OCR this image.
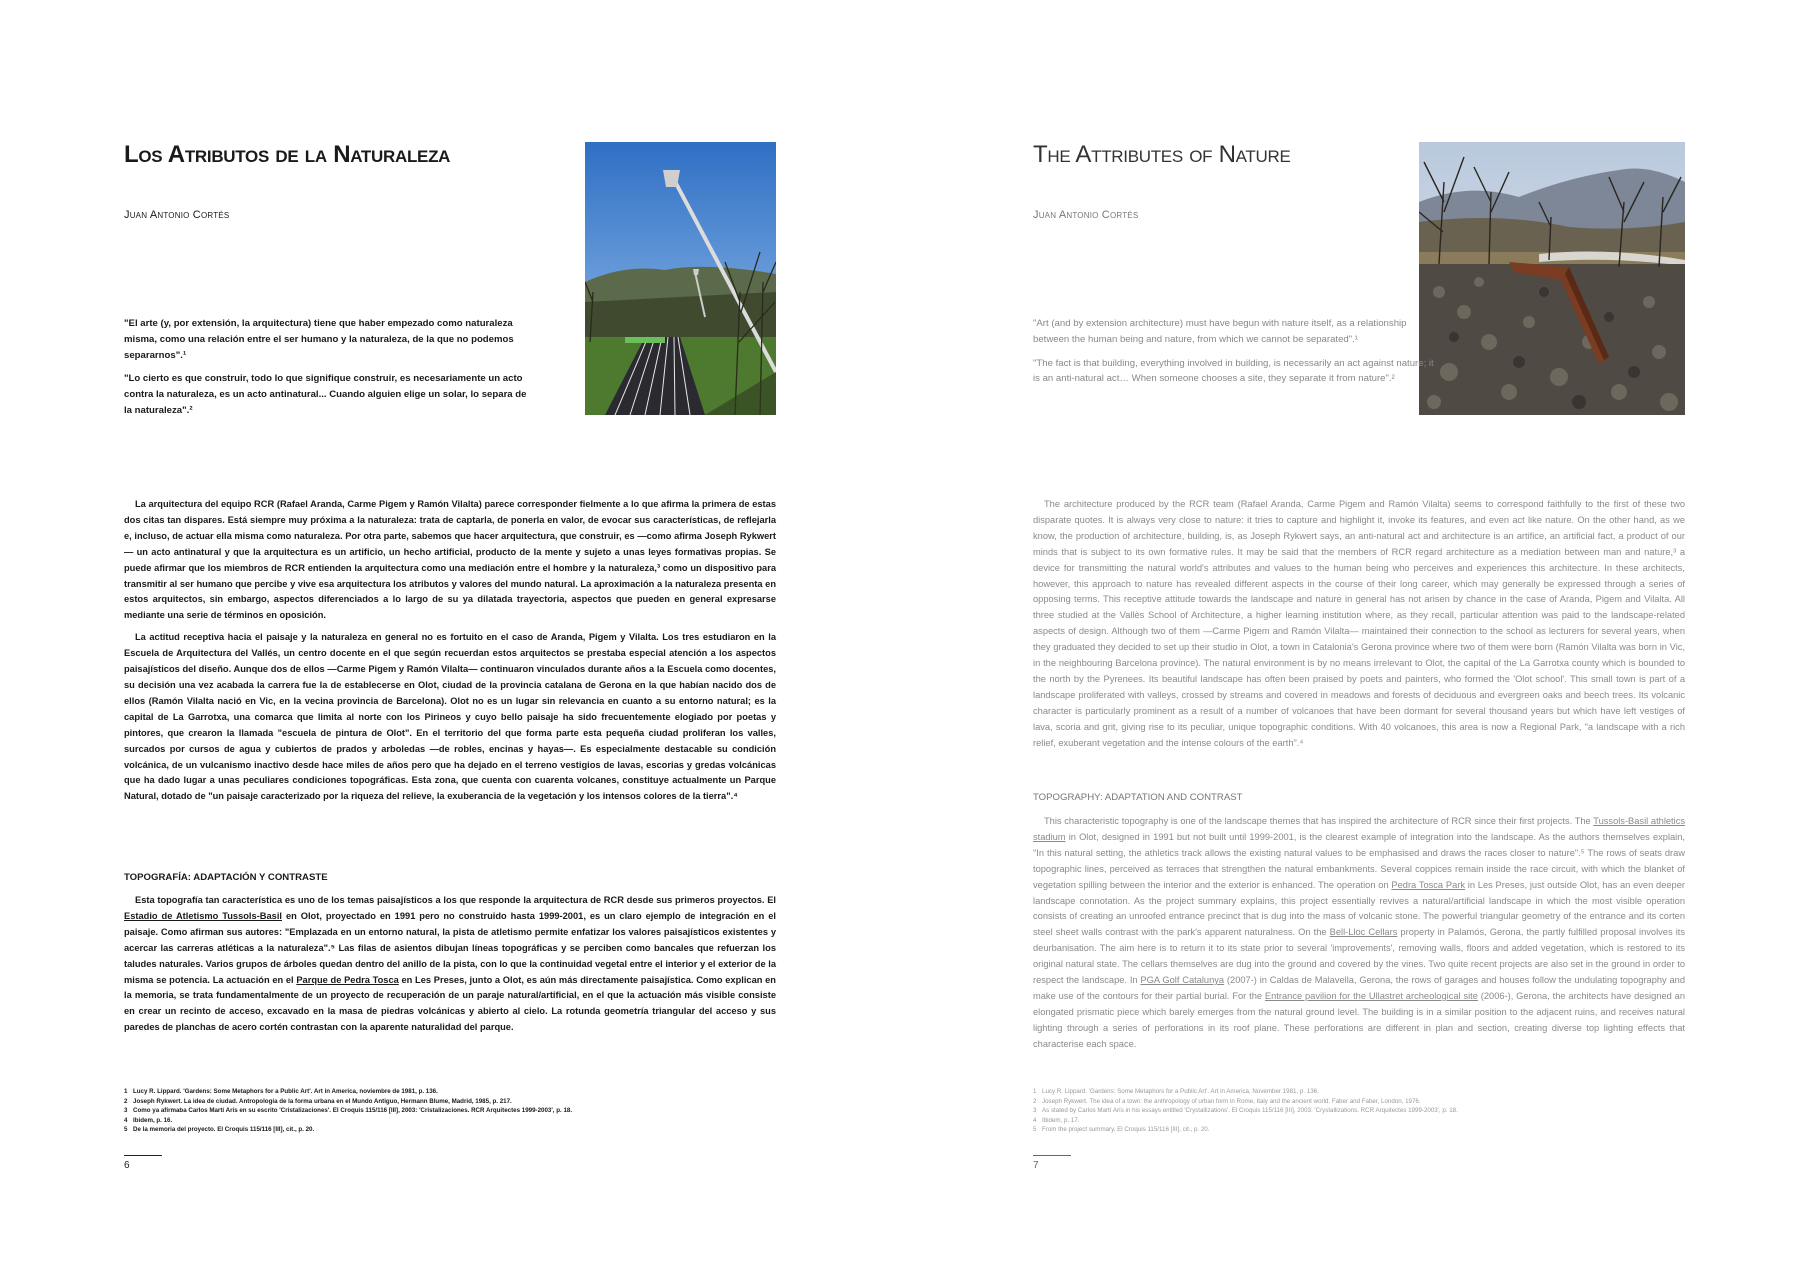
Los Atributos de la Naturaleza
Juan Antonio Cortés

"El arte (y, por extensión, la arquitectura) tiene que haber empezado como naturaleza misma, como una relación entre el ser humano y la naturaleza, de la que no podemos separarnos".¹

"Lo cierto es que construir, todo lo que signifique construir, es necesariamente un acto contra la naturaleza, es un acto antinatural... Cuando alguien elige un solar, lo separa de la naturaleza".²

La arquitectura del equipo RCR (Rafael Aranda, Carme Pigem y Ramón Vilalta) parece corresponder fielmente a lo que afirma la primera de estas dos citas tan dispares. Está siempre muy próxima a la naturaleza: trata de captarla, de ponerla en valor, de evocar sus características, de reflejarla e, incluso, de actuar ella misma como naturaleza. Por otra parte, sabemos que hacer arquitectura, que construir, es —como afirma Joseph Rykwert— un acto antinatural y que la arquitectura es un artificio, un hecho artificial, producto de la mente y sujeto a unas leyes formativas propias. Se puede afirmar que los miembros de RCR entienden la arquitectura como una mediación entre el hombre y la naturaleza,³ como un dispositivo para transmitir al ser humano que percibe y vive esa arquitectura los atributos y valores del mundo natural. La aproximación a la naturaleza presenta en estos arquitectos, sin embargo, aspectos diferenciados a lo largo de su ya dilatada trayectoria, aspectos que pueden en general expresarse mediante una serie de términos en oposición.

La actitud receptiva hacia el paisaje y la naturaleza en general no es fortuito en el caso de Aranda, Pigem y Vilalta. Los tres estudiaron en la Escuela de Arquitectura del Vallés, un centro docente en el que según recuerdan estos arquitectos se prestaba especial atención a los aspectos paisajísticos del diseño. Aunque dos de ellos —Carme Pigem y Ramón Vilalta— continuaron vinculados durante años a la Escuela como docentes, su decisión una vez acabada la carrera fue la de establecerse en Olot, ciudad de la provincia catalana de Gerona en la que habían nacido dos de ellos (Ramón Vilalta nació en Vic, en la vecina provincia de Barcelona). Olot no es un lugar sin relevancia en cuanto a su entorno natural; es la capital de La Garrotxa, una comarca que limita al norte con los Pirineos y cuyo bello paisaje ha sido frecuentemente elogiado por poetas y pintores, que crearon la llamada "escuela de pintura de Olot". En el territorio del que forma parte esta pequeña ciudad proliferan los valles, surcados por cursos de agua y cubiertos de prados y arboledas —de robles, encinas y hayas—. Es especialmente destacable su condición volcánica, de un vulcanismo inactivo desde hace miles de años pero que ha dejado en el terreno vestigios de lavas, escorias y gredas volcánicas que ha dado lugar a unas peculiares condiciones topográficas. Esta zona, que cuenta con cuarenta volcanes, constituye actualmente un Parque Natural, dotado de "un paisaje caracterizado por la riqueza del relieve, la exuberancia de la vegetación y los intensos colores de la tierra".⁴

TOPOGRAFÍA: ADAPTACIÓN Y CONTRASTE

Esta topografía tan característica es uno de los temas paisajísticos a los que responde la arquitectura de RCR desde sus primeros proyectos. El Estadio de Atletismo Tussols-Basil en Olot, proyectado en 1991 pero no construido hasta 1999-2001, es un claro ejemplo de integración en el paisaje. Como afirman sus autores: "Emplazada en un entorno natural, la pista de atletismo permite enfatizar los valores paisajísticos existentes y acercar las carreras atléticas a la naturaleza".⁵ Las filas de asientos dibujan líneas topográficas y se perciben como bancales que refuerzan los taludes naturales. Varios grupos de árboles quedan dentro del anillo de la pista, con lo que la continuidad vegetal entre el interior y el exterior de la misma se potencia. La actuación en el Parque de Pedra Tosca en Les Preses, junto a Olot, es aún más directamente paisajística. Como explican en la memoria, se trata fundamentalmente de un proyecto de recuperación de un paraje natural/artificial, en el que la actuación más visible consiste en crear un recinto de acceso, excavado en la masa de piedras volcánicas y abierto al cielo. La rotunda geometría triangular del acceso y sus paredes de planchas de acero cortén contrastan con la aparente naturalidad del parque.

1 Lucy R. Lippard. 'Gardens: Some Metaphors for a Public Art'. Art in America, noviembre de 1981, p. 136.
2 Joseph Rykwert. La idea de ciudad. Antropología de la forma urbana en el Mundo Antiguo, Hermann Blume, Madrid, 1985, p. 217.
3 Como ya afirmaba Carlos Martí Arís en su escrito 'Cristalizaciones'. El Croquis 115/116 [III], 2003: 'Cristalizaciones. RCR Arquitectes 1999-2003', p. 18.
4 Ibidem, p. 16.
5 De la memoria del proyecto. El Croquis 115/116 [III], cit., p. 20.
6
The Attributes of Nature
Juan Antonio Cortés

"Art (and by extension architecture) must have begun with nature itself, as a relationship between the human being and nature, from which we cannot be separated".¹

"The fact is that building, everything involved in building, is necessarily an act against nature; it is an anti-natural act… When someone chooses a site, they separate it from nature".²

The architecture produced by the RCR team (Rafael Aranda, Carme Pigem and Ramón Vilalta) seems to correspond faithfully to the first of these two disparate quotes. It is always very close to nature: it tries to capture and highlight it, invoke its features, and even act like nature. On the other hand, as we know, the production of architecture, building, is, as Joseph Rykwert says, an anti-natural act and architecture is an artifice, an artificial fact, a product of our minds that is subject to its own formative rules. It may be said that the members of RCR regard architecture as a mediation between man and nature,³ a device for transmitting the natural world's attributes and values to the human being who perceives and experiences this architecture. In these architects, however, this approach to nature has revealed different aspects in the course of their long career, which may generally be expressed through a series of opposing terms. This receptive attitude towards the landscape and nature in general has not arisen by chance in the case of Aranda, Pigem and Vilalta. All three studied at the Vallès School of Architecture, a higher learning institution where, as they recall, particular attention was paid to the landscape-related aspects of design. Although two of them —Carme Pigem and Ramón Vilalta— maintained their connection to the school as lecturers for several years, when they graduated they decided to set up their studio in Olot, a town in Catalonia's Gerona province where two of them were born (Ramón Vilalta was born in Vic, in the neighbouring Barcelona province). The natural environment is by no means irrelevant to Olot, the capital of the La Garrotxa county which is bounded to the north by the Pyrenees. Its beautiful landscape has often been praised by poets and painters, who formed the 'Olot school'. This small town is part of a landscape proliferated with valleys, crossed by streams and covered in meadows and forests of deciduous and evergreen oaks and beech trees. Its volcanic character is particularly prominent as a result of a number of volcanoes that have been dormant for several thousand years but which have left vestiges of lava, scoria and grit, giving rise to its peculiar, unique topographic conditions. With 40 volcanoes, this area is now a Regional Park, "a landscape with a rich relief, exuberant vegetation and the intense colours of the earth".⁴

TOPOGRAPHY: ADAPTATION AND CONTRAST

This characteristic topography is one of the landscape themes that has inspired the architecture of RCR since their first projects. The Tussols-Basil athletics stadium in Olot, designed in 1991 but not built until 1999-2001, is the clearest example of integration into the landscape. As the authors themselves explain, "In this natural setting, the athletics track allows the existing natural values to be emphasised and draws the races closer to nature".⁵ The rows of seats draw topographic lines, perceived as terraces that strengthen the natural embankments. Several coppices remain inside the race circuit, with which the blanket of vegetation spilling between the interior and the exterior is enhanced. The operation on Pedra Tosca Park in Les Preses, just outside Olot, has an even deeper landscape connotation. As the project summary explains, this project essentially revives a natural/artificial landscape in which the most visible operation consists of creating an unroofed entrance precinct that is dug into the mass of volcanic stone. The powerful triangular geometry of the entrance and its corten steel sheet walls contrast with the park's apparent naturalness. On the Bell-Lloc Cellars property in Palamós, Gerona, the partly fulfilled proposal involves its deurbanisation. The aim here is to return it to its state prior to several 'improvements', removing walls, floors and added vegetation, which is restored to its original natural state. The cellars themselves are dug into the ground and covered by the vines. Two quite recent projects are also set in the ground in order to respect the landscape. In PGA Golf Catalunya (2007-) in Caldas de Malavella, Gerona, the rows of garages and houses follow the undulating topography and make use of the contours for their partial burial. For the Entrance pavilion for the Ullastret archeological site (2006-), Gerona, the architects have designed an elongated prismatic piece which barely emerges from the natural ground level. The building is in a similar position to the adjacent ruins, and receives natural lighting through a series of perforations in its roof plane. These perforations are different in plan and section, creating diverse top lighting effects that characterise each space.

1 Lucy R. Lippard. 'Gardens: Some Metaphors for a Public Art'. Art in America, November 1981, p. 136.
2 Joseph Rykwert. The idea of a town: the anthropology of urban form in Rome, Italy and the ancient world. Faber and Faber, London, 1976.
3 As stated by Carlos Martí Arís in his essays entitled 'Crystallizations'. El Croquis 115/116 [III], 2003: 'Crystallizations. RCR Arquitectes 1999-2003', p. 18.
4 Ibidem, p. 17.
5 From the project summary. El Croquis 115/116 [III], cit., p. 20.
7
